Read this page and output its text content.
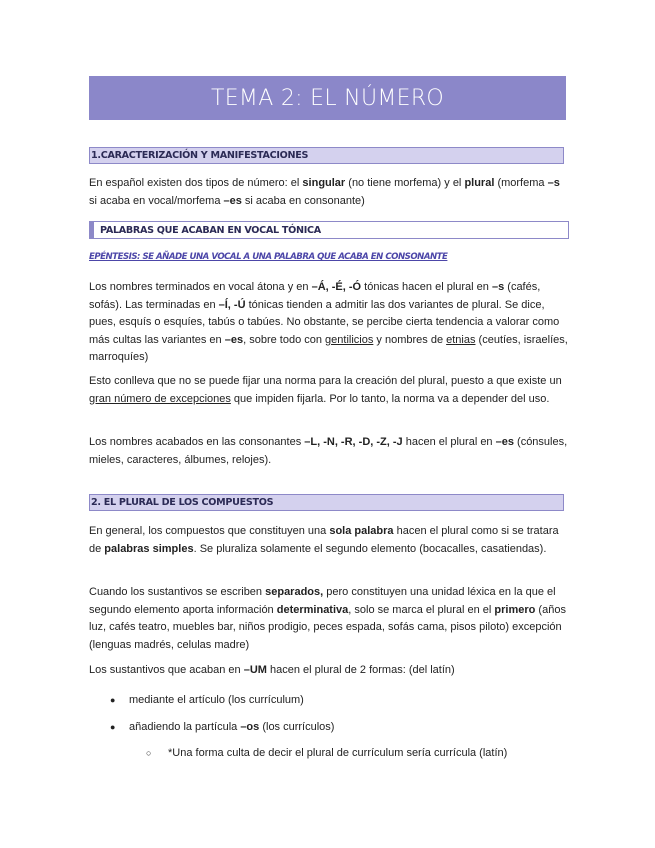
TEMA 2: EL NÚMERO
1.CARACTERIZACIÓN Y MANIFESTACIONES

En español existen dos tipos de número: el singular (no tiene morfema) y el plural (morfema –s si acaba en vocal/morfema –es si acaba en consonante)

PALABRAS QUE ACABAN EN VOCAL TÓNICA
EPÉNTESIS: SE AÑADE UNA VOCAL A UNA PALABRA QUE ACABA EN CONSONANTE

Los nombres terminados en vocal átona y en –Á, -É, -Ó tónicas hacen el plural en –s (cafés, sofás). Las terminadas en –Í, -Ú tónicas tienden a admitir las dos variantes de plural. Se dice, pues, esquís o esquíes, tabús o tabúes. No obstante, se percibe cierta tendencia a valorar como más cultas las variantes en –es, sobre todo con gentilicios y nombres de etnias (ceutíes, israelíes, marroquíes)

Esto conlleva que no se puede fijar una norma para la creación del plural, puesto a que existe un gran número de excepciones que impiden fijarla. Por lo tanto, la norma va a depender del uso.

Los nombres acabados en las consonantes –L, -N, -R, -D, -Z, -J hacen el plural en –es (cónsules, mieles, caracteres, álbumes, relojes).

2. EL PLURAL DE LOS COMPUESTOS

En general, los compuestos que constituyen una sola palabra hacen el plural como si se tratara de palabras simples. Se pluraliza solamente el segundo elemento (bocacalles, casatiendas).

Cuando los sustantivos se escriben separados, pero constituyen una unidad léxica en la que el segundo elemento aporta información determinativa, solo se marca el plural en el primero (años luz, cafés teatro, muebles bar, niños prodigio, peces espada, sofás cama, pisos piloto) excepción (lenguas madrés, celulas madre)

Los sustantivos que acaban en –UM hacen el plural de 2 formas: (del latín)

● mediante el artículo (los currículum)
● añadiendo la partícula –os (los currículos)
○ *Una forma culta de decir el plural de currículum sería currícula (latín)
